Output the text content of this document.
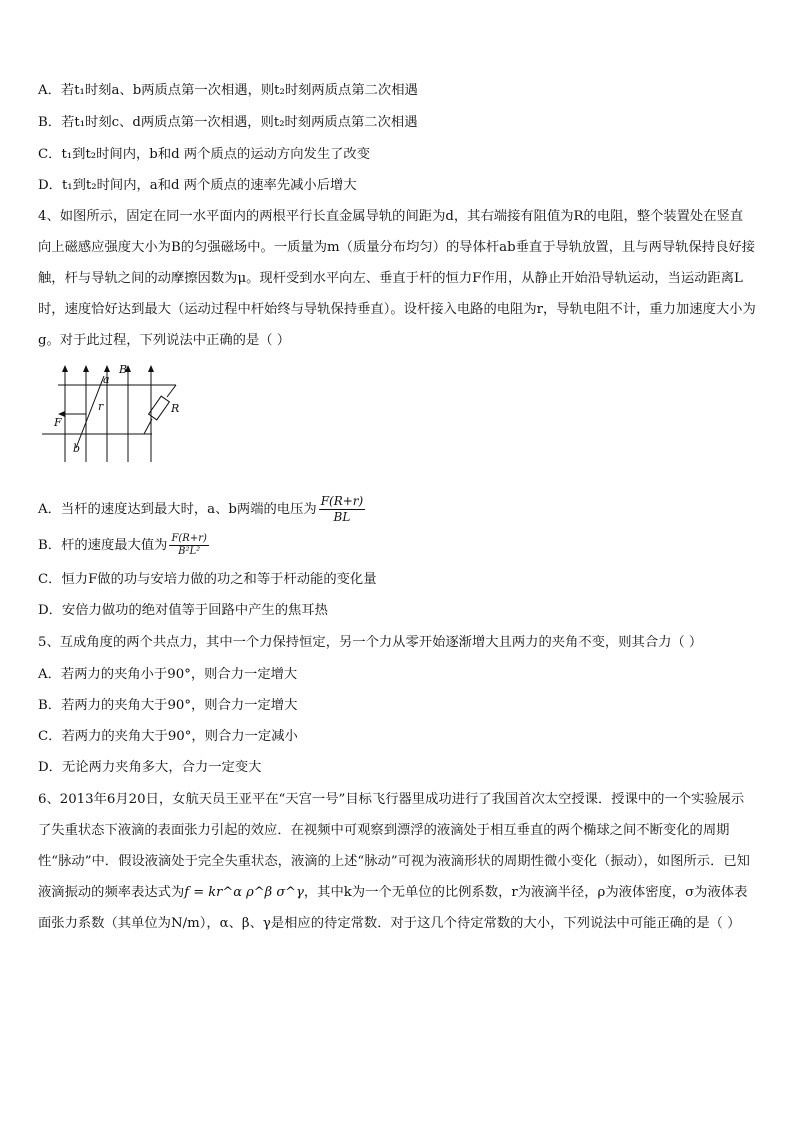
A．若t₁时刻a、b两质点第一次相遇，则t₂时刻两质点第二次相遇
B．若t₁时刻c、d两质点第一次相遇，则t₂时刻两质点第二次相遇
C．t₁到t₂时间内，b和d 两个质点的运动方向发生了改变
D．t₁到t₂时间内，a和d 两个质点的速率先减小后增大
4、如图所示，固定在同一水平面内的两根平行长直金属导轨的间距为d，其右端接有阻值为R的电阻，整个装置处在竖直向上磁感应强度大小为B的匀强磁场中。一质量为m（质量分布均匀）的导体杆ab垂直于导轨放置，且与两导轨保持良好接触，杆与导轨之间的动摩擦因数为μ。现杆受到水平向左、垂直于杆的恒力F作用，从静止开始沿导轨运动，当运动距离L时，速度恰好达到最大（运动过程中杆始终与导轨保持垂直）。设杆接入电路的电阻为r，导轨电阻不计，重力加速度大小为g。对于此过程，下列说法中正确的是（ ）
a
B
F
r	R
b
A．当杆的速度达到最大时，a、b两端的电压为 $\frac{F(R+r)}{BL}$
B．杆的速度最大值为 $\frac{F(R+r)}{\text{B²L²}}$
C．恒力F做的功与安培力做的功之和等于杆动能的变化量
D．安倍力做功的绝对值等于回路中产生的焦耳热
5、互成角度的两个共点力，其中一个力保持恒定，另一个力从零开始逐渐增大且两力的夹角不变，则其合力（ ）
A．若两力的夹角小于90°，则合力一定增大
B．若两力的夹角大于90°，则合力一定增大
C．若两力的夹角大于90°，则合力一定减小
D．无论两力夹角多大，合力一定变大
6、2013年6月20日，女航天员王亚平在“天宫一号”目标飞行器里成功进行了我国首次太空授课．授课中的一个实验展示了失重状态下液滴的表面张力引起的效应．在视频中可观察到漂浮的液滴处于相互垂直的两个椭球之间不断变化的周期性“脉动”中．假设液滴处于完全失重状态，液滴的上述“脉动”可视为液滴形状的周期性微小变化（振动），如图所示．已知液滴振动的频率表达式为f = kr^α ρ^β σ^γ，其中k为一个无单位的比例系数，r为液滴半径，ρ为液体密度，σ为液体表面张力系数（其单位为N/m），α、β、γ是相应的待定常数．对于这几个待定常数的大小，下列说法中可能正确的是（ ）
